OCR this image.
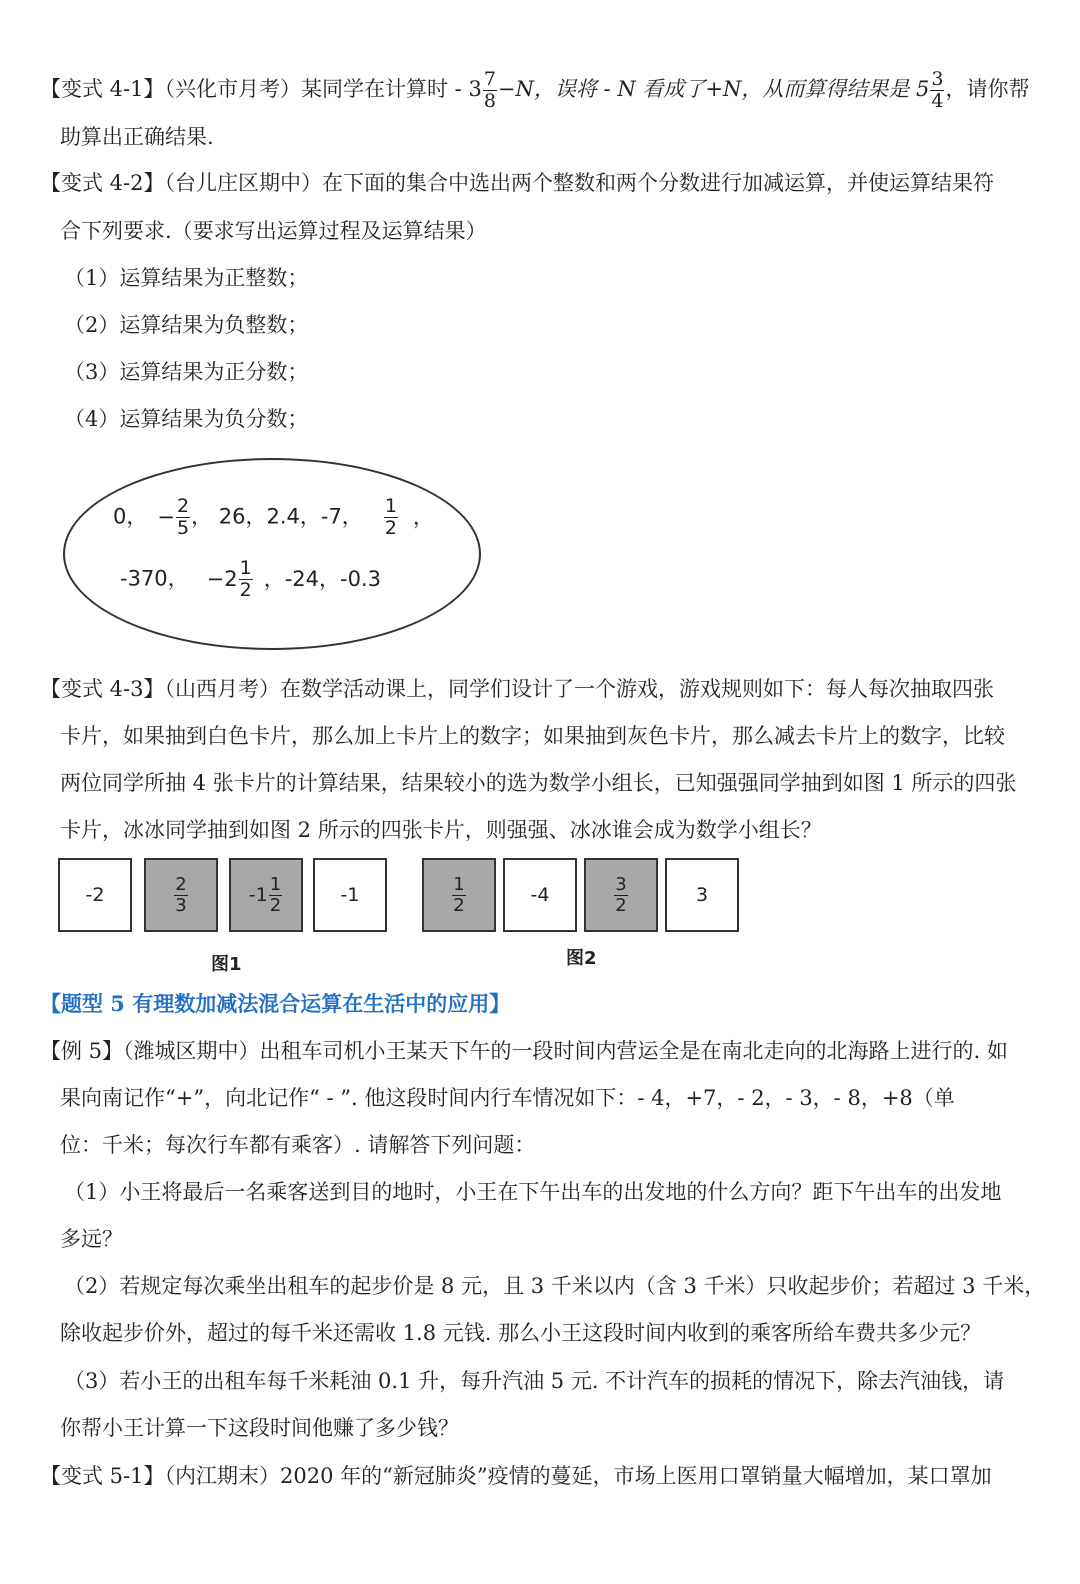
【变式 4-1】（兴化市月考）某同学在计算时 - $3 \frac{7}{8} -N$，误将 - N 看成了+N，从而算得结果是 $5 \frac{3}{4}$ ，请你帮
助算出正确结果.
【变式 4-2】（台儿庄区期中）在下面的集合中选出两个整数和两个分数进行加减运算，并使运算结果符
合下列要求.（要求写出运算过程及运算结果）
（1）运算结果为正整数；
（2）运算结果为负整数；
（3）运算结果为正分数；
（4）运算结果为负分数；
0， − $\frac{2}{5}$ ， 26，2.4，-7， $\frac{1}{2}$ ，
-370， $-2 \frac{1}{2}$ ，-24，-0.3
【变式 4-3】（山西月考）在数学活动课上，同学们设计了一个游戏，游戏规则如下：每人每次抽取四张
卡片，如果抽到白色卡片，那么加上卡片上的数字；如果抽到灰色卡片，那么减去卡片上的数字，比较
两位同学所抽 4 张卡片的计算结果，结果较小的选为数学小组长，已知强强同学抽到如图 1 所示的四张
卡片，冰冰同学抽到如图 2 所示的四张卡片，则强强、冰冰谁会成为数学小组长？
-2	$\frac{2}{3}$	$-1 \frac{1}{2}$	-1
图1
$\frac{1}{2}$	-4	$\frac{3}{2}$	3
图2
【题型 5 有理数加减法混合运算在生活中的应用】
【例 5】（潍城区期中）出租车司机小王某天下午的一段时间内营运全是在南北走向的北海路上进行的. 如
果向南记作“+”，向北记作“ - ”. 他这段时间内行车情况如下：- 4，+7，- 2，- 3，- 8，+8（单
位：千米；每次行车都有乘客）. 请解答下列问题：
（1）小王将最后一名乘客送到目的地时，小王在下午出车的出发地的什么方向？距下午出车的出发地
多远？
（2）若规定每次乘坐出租车的起步价是 8 元，且 3 千米以内（含 3 千米）只收起步价；若超过 3 千米，
除收起步价外，超过的每千米还需收 1.8 元钱. 那么小王这段时间内收到的乘客所给车费共多少元？
（3）若小王的出租车每千米耗油 0.1 升，每升汽油 5 元. 不计汽车的损耗的情况下，除去汽油钱，请
你帮小王计算一下这段时间他赚了多少钱？
【变式 5-1】（内江期末）2020 年的“新冠肺炎”疫情的蔓延，市场上医用口罩销量大幅增加，某口罩加
